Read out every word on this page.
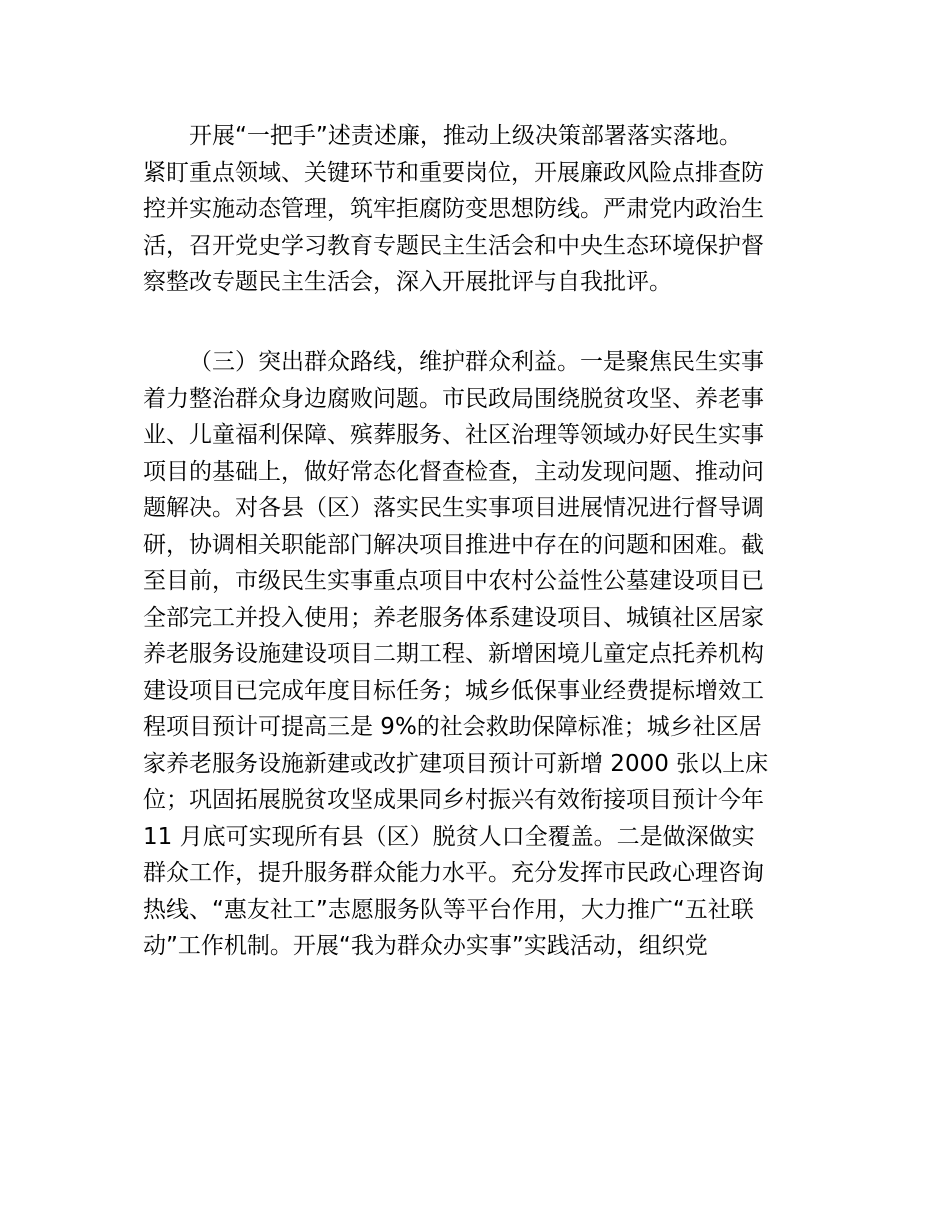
开展“一把手”述责述廉，推动上级决策部署落实落地。
紧盯重点领域、关键环节和重要岗位，开展廉政风险点排查防
控并实施动态管理，筑牢拒腐防变思想防线。严肃党内政治生
活，召开党史学习教育专题民主生活会和中央生态环境保护督
察整改专题民主生活会，深入开展批评与自我批评。
（三）突出群众路线，维护群众利益。一是聚焦民生实事
着力整治群众身边腐败问题。市民政局围绕脱贫攻坚、养老事
业、儿童福利保障、殡葬服务、社区治理等领域办好民生实事
项目的基础上，做好常态化督查检查，主动发现问题、推动问
题解决。对各县（区）落实民生实事项目进展情况进行督导调
研，协调相关职能部门解决项目推进中存在的问题和困难。截
至目前，市级民生实事重点项目中农村公益性公墓建设项目已
全部完工并投入使用；养老服务体系建设项目、城镇社区居家
养老服务设施建设项目二期工程、新增困境儿童定点托养机构
建设项目已完成年度目标任务；城乡低保事业经费提标增效工
程项目预计可提高三是 9%的社会救助保障标准；城乡社区居
家养老服务设施新建或改扩建项目预计可新增 2000 张以上床
位；巩固拓展脱贫攻坚成果同乡村振兴有效衔接项目预计今年
11 月底可实现所有县（区）脱贫人口全覆盖。二是做深做实
群众工作，提升服务群众能力水平。充分发挥市民政心理咨询
热线、“惠友社工”志愿服务队等平台作用，大力推广“五社联
动”工作机制。开展“我为群众办实事”实践活动，组织党
